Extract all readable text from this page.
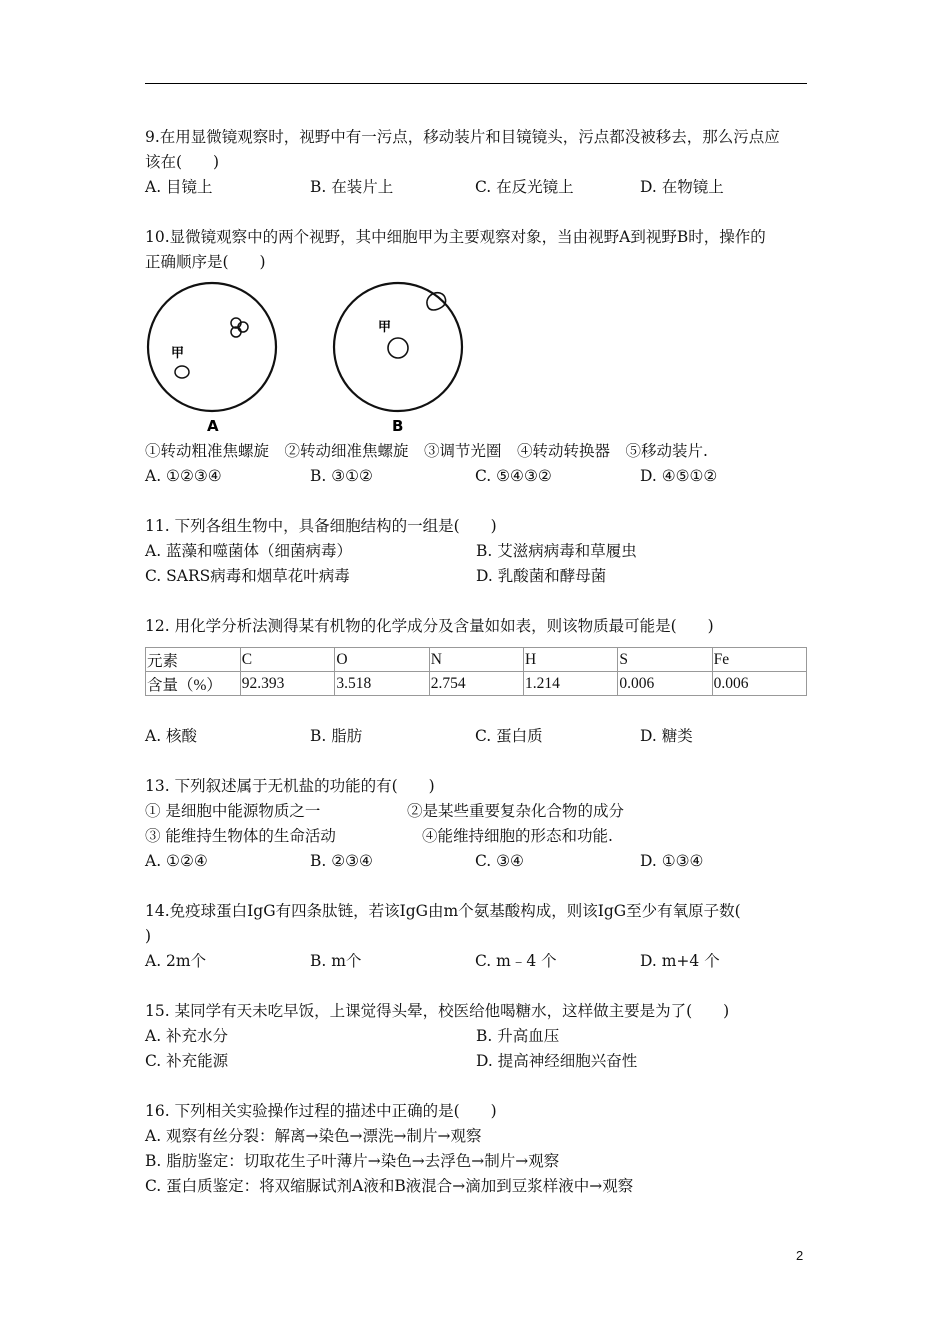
9.在用显微镜观察时，视野中有一污点，移动装片和目镜镜头，污点都没被移去，那么污点应
该在(　　)
A. 目镜上	B. 在装片上	C. 在反光镜上	D. 在物镜上
10.显微镜观察中的两个视野，其中细胞甲为主要观察对象，当由视野A到视野B时，操作的
正确顺序是(　　)
甲
A
甲
B
①转动粗准焦螺旋　②转动细准焦螺旋　③调节光圈　④转动转换器　⑤移动装片.
A. ①②③④	B. ③①②	C. ⑤④③②	D. ④⑤①②
11. 下列各组生物中，具备细胞结构的一组是(　　)
A. 蓝藻和噬菌体（细菌病毒）	B. 艾滋病病毒和草履虫
C. SARS病毒和烟草花叶病毒	D. 乳酸菌和酵母菌
12. 用化学分析法测得某有机物的化学成分及含量如如表，则该物质最可能是(　　)
元素	C	O	N	H	S	Fe
含量（%）	92.393	3.518	2.754	1.214	0.006	0.006
A. 核酸	B. 脂肪	C. 蛋白质	D. 糖类
13. 下列叙述属于无机盐的功能的有(　　)
① 是细胞中能源物质之一	②是某些重要复杂化合物的成分
③ 能维持生物体的生命活动	④能维持细胞的形态和功能.
A. ①②④	B. ②③④	C. ③④	D. ①③④
14.免疫球蛋白IgG有四条肽链，若该IgG由m个氨基酸构成，则该IgG至少有氧原子数(
)
A. 2m个	B. m个	C. m﹣4 个	D. m+4 个
15. 某同学有天未吃早饭，上课觉得头晕，校医给他喝糖水，这样做主要是为了(　　)
A. 补充水分	B. 升高血压
C. 补充能源	D. 提高神经细胞兴奋性
16. 下列相关实验操作过程的描述中正确的是(　　)
A. 观察有丝分裂：解离→染色→漂洗→制片→观察
B. 脂肪鉴定：切取花生子叶薄片→染色→去浮色→制片→观察
C. 蛋白质鉴定：将双缩脲试剂A液和B液混合→滴加到豆浆样液中→观察
2
